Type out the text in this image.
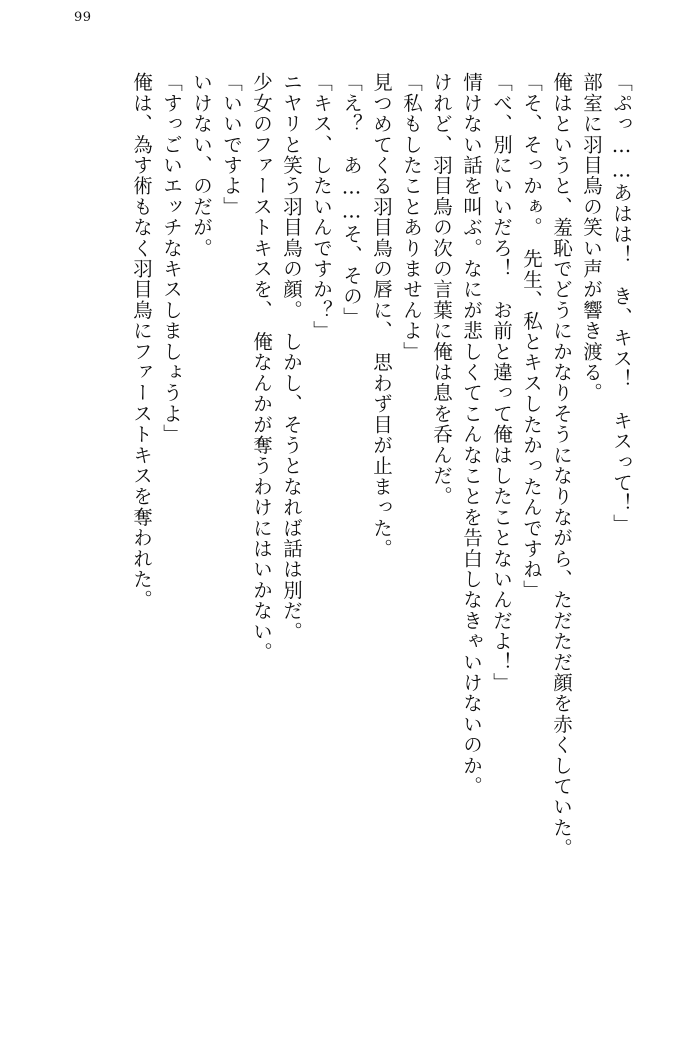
99
「ぷっ……あはは！　き、キス！　キスって！」
部室に羽目鳥の笑い声が響き渡る。
俺はというと、羞恥でどうにかなりそうになりながら、ただただ顔を赤くしていた。
「そ、そっかぁ。　先生、私とキスしたかったんですね」
「べ、別にいいだろ！　お前と違って俺はしたことないんだよ！」
情けない話を叫ぶ。なにが悲しくてこんなことを告白しなきゃいけないのか。
けれど、羽目鳥の次の言葉に俺は息を呑んだ。
「私もしたことありませんよ」
見つめてくる羽目鳥の唇に、　思わず目が止まった。
「え？　あ……そ、その」
「キス、したいんですか？」
ニヤリと笑う羽目鳥の顔。　しかし、そうとなれば話は別だ。
少女のファーストキスを、　俺なんかが奪うわけにはいかない。
「いいですよ」
いけない、のだが。
「すっごいエッチなキスしましょうよ」
俺は、為す術もなく羽目鳥にファーストキスを奪われた。
